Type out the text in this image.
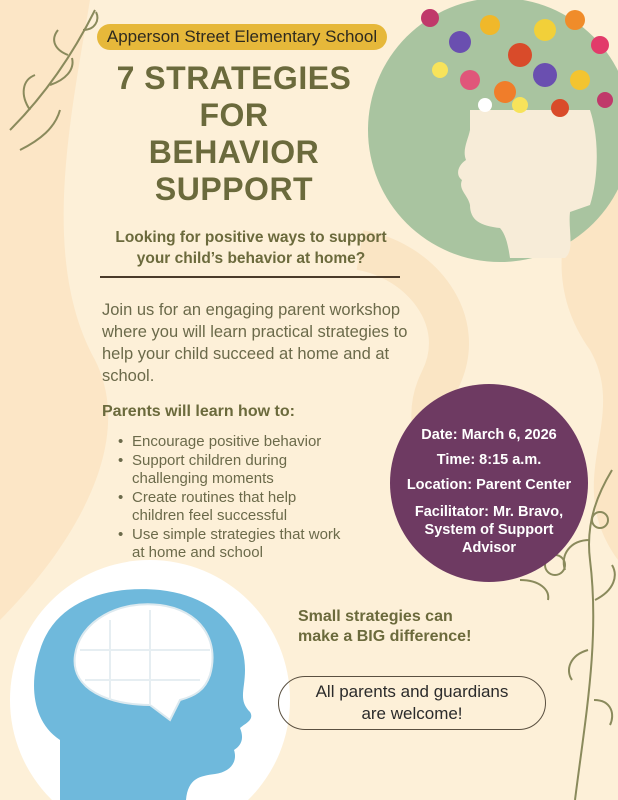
Apperson Street Elementary School
7 STRATEGIES
FOR
BEHAVIOR
SUPPORT
Looking for positive ways to support
your child’s behavior at home?
Join us for an engaging parent workshop
where you will learn practical strategies to
help your child succeed at home and at
school.
Parents will learn how to:
• Encourage positive behavior
• Support children during
challenging moments
• Create routines that help
children feel successful
• Use simple strategies that work
at home and school
Date: March 6, 2026
Time: 8:15 a.m.
Location: Parent Center
Facilitator: Mr. Bravo,
System of Support
Advisor
Small strategies can
make a BIG difference!
All parents and guardians
are welcome!
